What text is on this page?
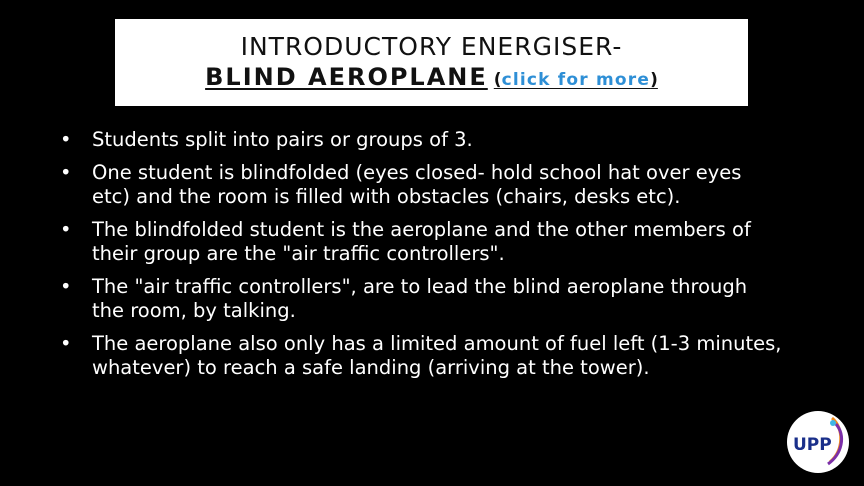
INTRODUCTORY ENERGISER-
BLIND AEROPLANE (click for more)
• Students split into pairs or groups of 3.
• One student is blindfolded (eyes closed- hold school hat over eyes etc) and the room is filled with obstacles (chairs, desks etc).
• The blindfolded student is the aeroplane and the other members of their group are the "air traffic controllers".
• The "air traffic controllers", are to lead the blind aeroplane through the room, by talking.
• The aeroplane also only has a limited amount of fuel left (1-3 minutes, whatever) to reach a safe landing (arriving at the tower).
UPP
